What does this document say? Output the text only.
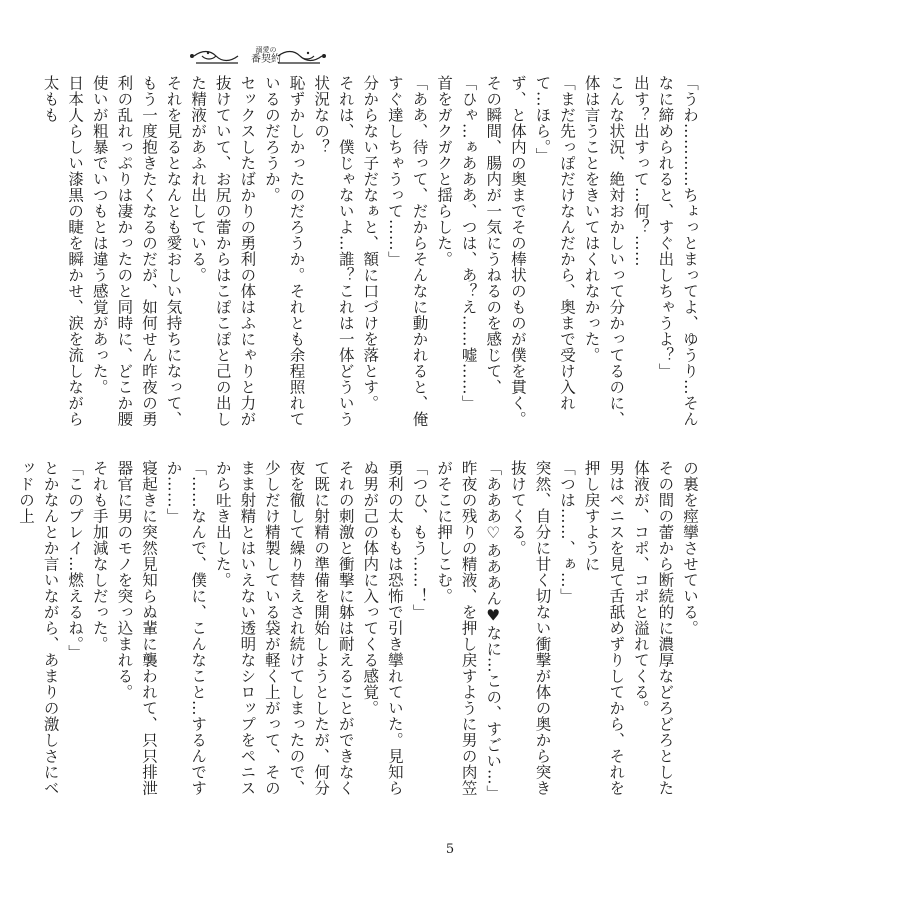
溺愛の
番契約

「うわ…………ちょっとまってよ、ゆうり…そんなに締められると、すぐ出しちゃうよ？」

出す？出すって…何？……

こんな状況、絶対おかしいって分かってるのに、体は言うことをきいてはくれなかった。

「まだ先っぽだけなんだから、奥まで受け入れて…ほら。」

ず、と体内の奥までその棒状のものが僕を貫く。

その瞬間、腸内が一気にうねるのを感じて、

「ひゃ…ぁあああ、つは、あ？え……嘘……」

首をガクガクと揺らした。

「ああ、待って、だからそんなに動かれると、俺すぐ達しちゃうって……」

分からない子だなぁと、額に口づけを落とす。

それは、僕じゃないよ…誰？これは一体どういう状況なの？

恥ずかしかったのだろうか。それとも余程照れているのだろうか。

セックスしたばかりの勇利の体はふにゃりと力が抜けていて、お尻の蕾からはこぽこぽと己の出した精液があふれ出している。

それを見るとなんとも愛おしい気持ちになって、もう一度抱きたくなるのだが、如何せん昨夜の勇利の乱れっぷりは凄かったのと同時に、どこか腰使いが粗暴でいつもとは違う感覚があった。

日本人らしい漆黒の睫を瞬かせ、涙を流しながら太もも

の裏を痙攣させている。

その間の蕾から断続的に濃厚などろどろとした体液が、コポ、コポと溢れてくる。

男はペニスを見て舌舐めずりしてから、それを押し戻すように

「つは……、ぁ…」

突然、自分に甘く切ない衝撃が体の奥から突き抜けてくる。

「あああ♡あああん♥なに…この、すごい…」

昨夜の残りの精液、を押し戻すように男の肉笠がそこに押しこむ。

「つひ、もう……！」

勇利の太ももは恐怖で引き攣れていた。見知らぬ男が己の体内に入ってくる感覚。

それの刺激と衝撃に躰は耐えることができなくて既に射精の準備を開始しようとしたが、何分夜を徹して繰り替えされ続けてしまったので、少しだけ精製している袋が軽く上がって、そのまま射精とはいえない透明なシロップをペニスから吐き出した。

「……なんで、僕に、こんなこと…するんですか……」

寝起きに突然見知らぬ輩に襲われて、只只排泄器官に男のモノを突っ込まれる。

それも手加減なしだった。

「このプレイ…燃えるね。」

とかなんとか言いながら、あまりの激しさにベッドの上

5
